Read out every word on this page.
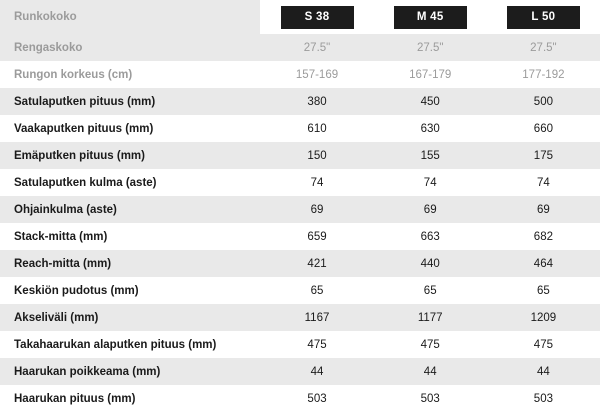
Runkokoko	S 38	M 45	L 50
Rengaskoko	27.5"	27.5"	27.5"
Rungon korkeus (cm)	157-169	167-179	177-192
Satulaputken pituus (mm)	380	450	500
Vaakaputken pituus (mm)	610	630	660
Emäputken pituus (mm)	150	155	175
Satulaputken kulma (aste)	74	74	74
Ohjainkulma (aste)	69	69	69
Stack-mitta (mm)	659	663	682
Reach-mitta (mm)	421	440	464
Keskiön pudotus (mm)	65	65	65
Akseliväli (mm)	1167	1177	1209
Takahaarukan alaputken pituus (mm)	475	475	475
Haarukan poikkeama (mm)	44	44	44
Haarukan pituus (mm)	503	503	503
